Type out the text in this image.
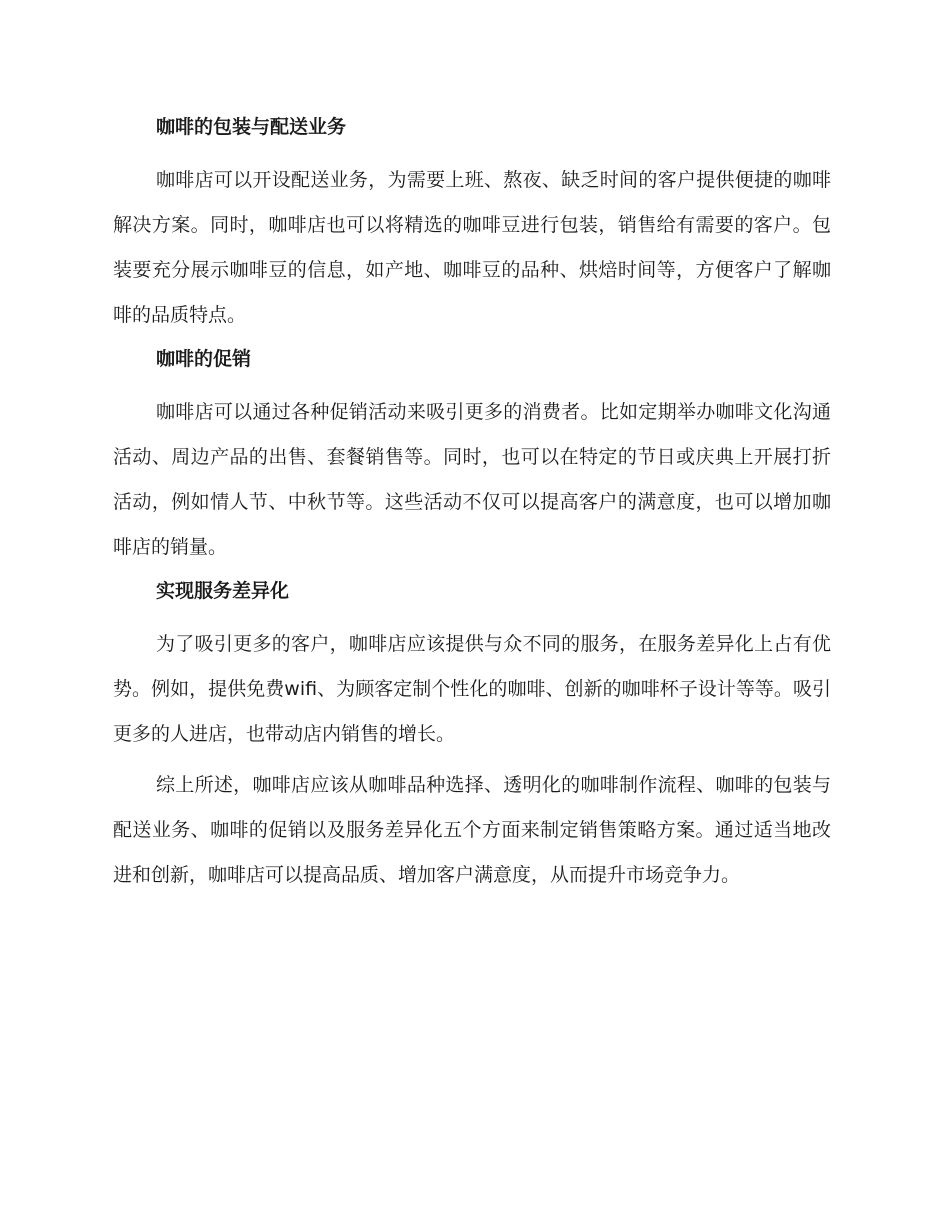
咖啡的包装与配送业务

咖啡店可以开设配送业务，为需要上班、熬夜、缺乏时间的客户提供便捷的咖啡解决方案。同时，咖啡店也可以将精选的咖啡豆进行包装，销售给有需要的客户。包装要充分展示咖啡豆的信息，如产地、咖啡豆的品种、烘焙时间等，方便客户了解咖啡的品质特点。

咖啡的促销

咖啡店可以通过各种促销活动来吸引更多的消费者。比如定期举办咖啡文化沟通活动、周边产品的出售、套餐销售等。同时，也可以在特定的节日或庆典上开展打折活动，例如情人节、中秋节等。这些活动不仅可以提高客户的满意度，也可以增加咖啡店的销量。

实现服务差异化

为了吸引更多的客户，咖啡店应该提供与众不同的服务，在服务差异化上占有优势。例如，提供免费wifi、为顾客定制个性化的咖啡、创新的咖啡杯子设计等等。吸引更多的人进店，也带动店内销售的增长。

综上所述，咖啡店应该从咖啡品种选择、透明化的咖啡制作流程、咖啡的包装与配送业务、咖啡的促销以及服务差异化五个方面来制定销售策略方案。通过适当地改进和创新，咖啡店可以提高品质、增加客户满意度，从而提升市场竞争力。
